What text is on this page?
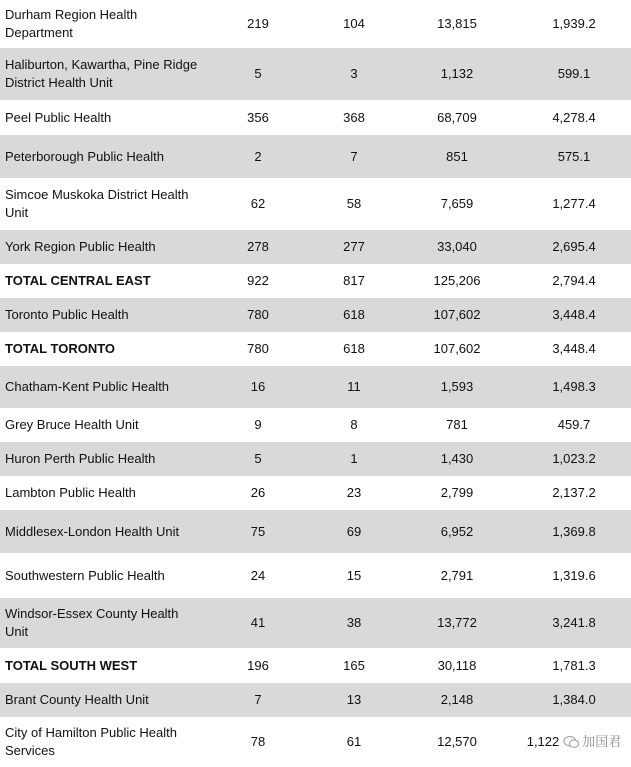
Durham Region Health Department	219	104	13,815	1,939.2
Haliburton, Kawartha, Pine Ridge District Health Unit	5	3	1,132	599.1
Peel Public Health	356	368	68,709	4,278.4
Peterborough Public Health	2	7	851	575.1
Simcoe Muskoka District Health Unit	62	58	7,659	1,277.4
York Region Public Health	278	277	33,040	2,695.4
TOTAL CENTRAL EAST	922	817	125,206	2,794.4
Toronto Public Health	780	618	107,602	3,448.4
TOTAL TORONTO	780	618	107,602	3,448.4
Chatham-Kent Public Health	16	11	1,593	1,498.3
Grey Bruce Health Unit	9	8	781	459.7
Huron Perth Public Health	5	1	1,430	1,023.2
Lambton Public Health	26	23	2,799	2,137.2
Middlesex-London Health Unit	75	69	6,952	1,369.8
Southwestern Public Health	24	15	2,791	1,319.6
Windsor-Essex County Health Unit	41	38	13,772	3,241.8
TOTAL SOUTH WEST	196	165	30,118	1,781.3
Brant County Health Unit	7	13	2,148	1,384.0
City of Hamilton Public Health Services	78	61	12,570	1,122 加国君
